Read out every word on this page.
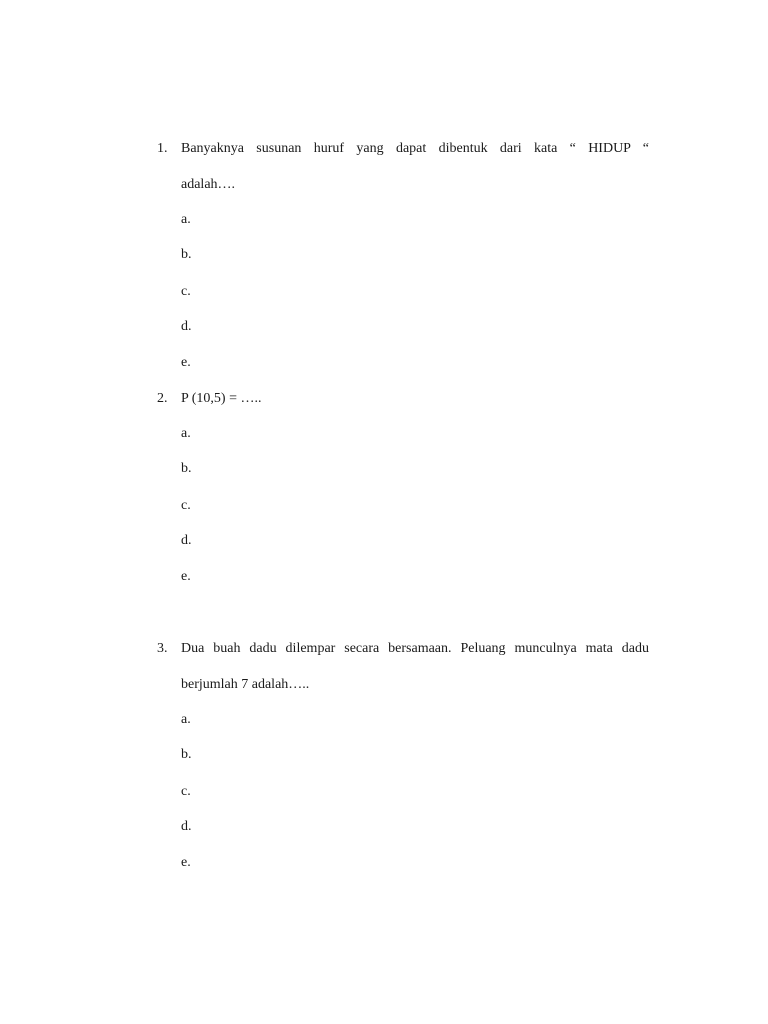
1. Banyaknya susunan huruf yang dapat dibentuk dari kata “ HIDUP “
adalah….
a.
b.
c.
d.
e.
2. P (10,5) = …..
a.
b.
c.
d.
e.
3. Dua buah dadu dilempar secara bersamaan. Peluang munculnya mata dadu
berjumlah 7 adalah…..
a.
b.
c.
d.
e.
